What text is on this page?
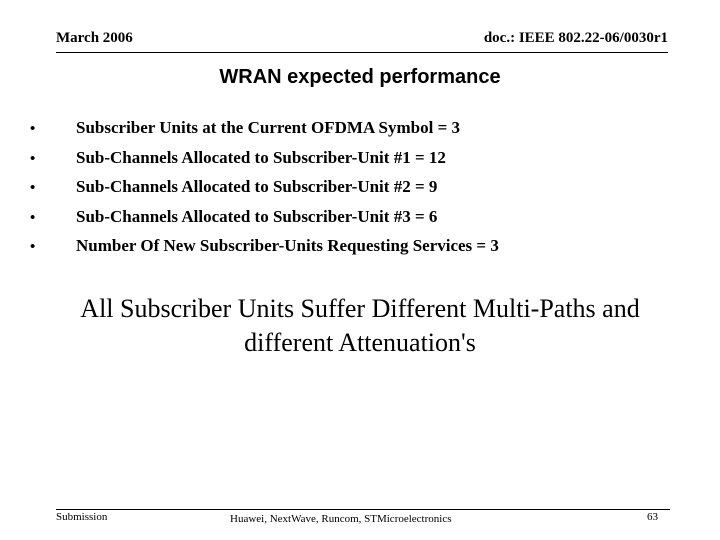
March 2006	doc.: IEEE 802.22-06/0030r1
WRAN expected performance
•	Subscriber Units at the Current OFDMA Symbol = 3
•	Sub-Channels Allocated to Subscriber-Unit #1 = 12
•	Sub-Channels Allocated to Subscriber-Unit #2 = 9
•	Sub-Channels Allocated to Subscriber-Unit #3 = 6
•	Number Of New Subscriber-Units Requesting Services = 3
All Subscriber Units Suffer Different Multi-Paths and
different Attenuation's
Submission	Huawei, NextWave, Runcom, STMicroelectronics	63
